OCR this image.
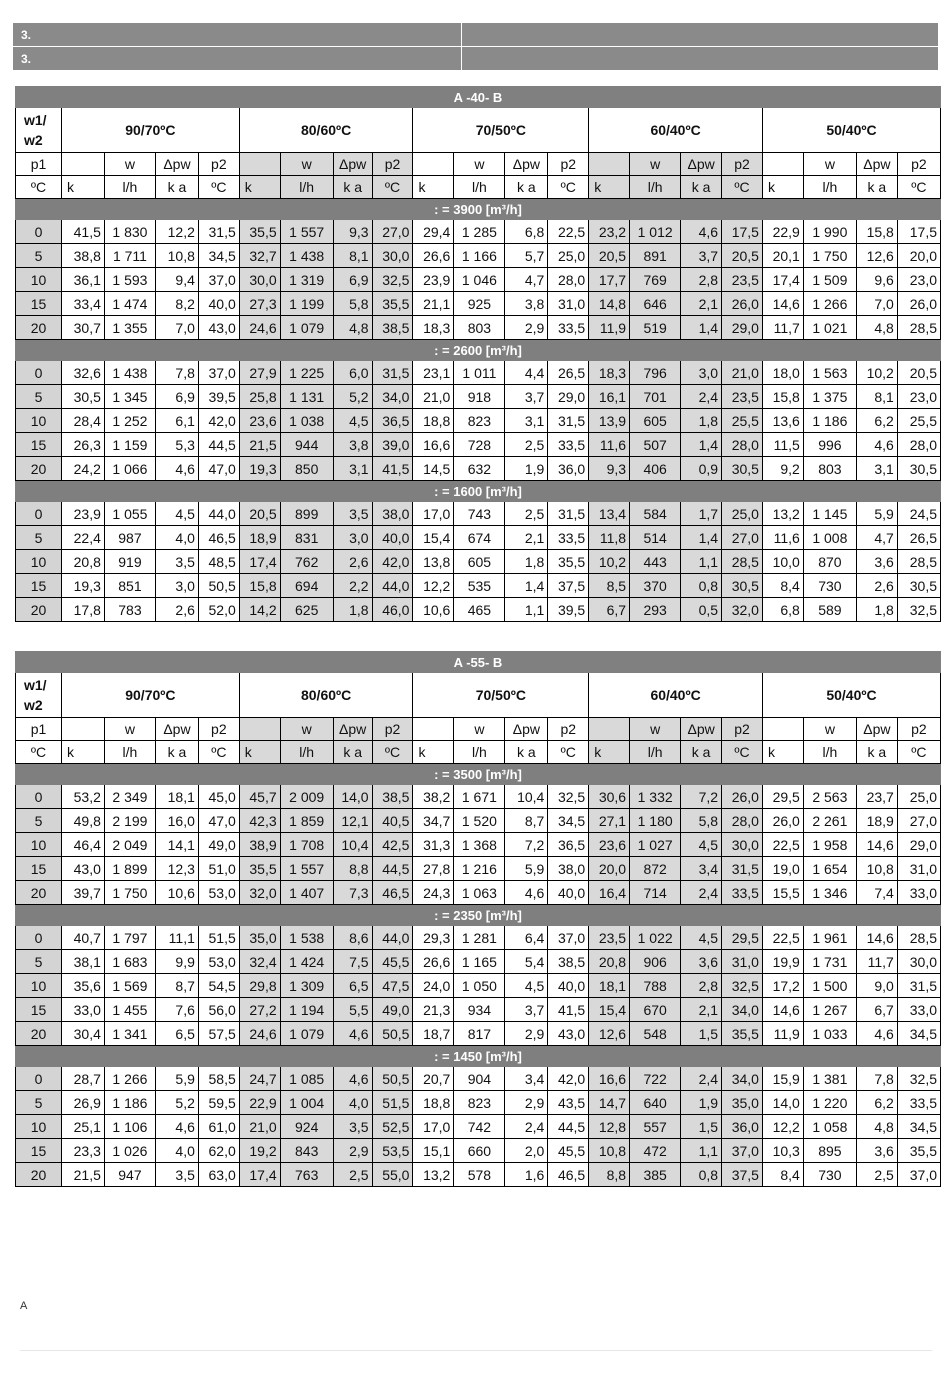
3.	
3.	
A -40- B																				
w1/
w2	90/70ºC				80/60ºC				70/50ºC				60/40ºC				50/40ºC			
p1		w	Δpw	p2		w	Δpw	p2		w	Δpw	p2		w	Δpw	p2		w	Δpw	p2
ºC	k	l/h	k a	ºC	k	l/h	k a	ºC	k	l/h	k a	ºC	k	l/h	k a	ºC	k	l/h	k a	ºC
: = 3900 [m³/h]																				
0	41,5	1 830	12,2	31,5	35,5	1 557	9,3	27,0	29,4	1 285	6,8	22,5	23,2	1 012	4,6	17,5	22,9	1 990	15,8	17,5
5	38,8	1 711	10,8	34,5	32,7	1 438	8,1	30,0	26,6	1 166	5,7	25,0	20,5	891	3,7	20,5	20,1	1 750	12,6	20,0
10	36,1	1 593	9,4	37,0	30,0	1 319	6,9	32,5	23,9	1 046	4,7	28,0	17,7	769	2,8	23,5	17,4	1 509	9,6	23,0
15	33,4	1 474	8,2	40,0	27,3	1 199	5,8	35,5	21,1	925	3,8	31,0	14,8	646	2,1	26,0	14,6	1 266	7,0	26,0
20	30,7	1 355	7,0	43,0	24,6	1 079	4,8	38,5	18,3	803	2,9	33,5	11,9	519	1,4	29,0	11,7	1 021	4,8	28,5
: = 2600 [m³/h]																				
0	32,6	1 438	7,8	37,0	27,9	1 225	6,0	31,5	23,1	1 011	4,4	26,5	18,3	796	3,0	21,0	18,0	1 563	10,2	20,5
5	30,5	1 345	6,9	39,5	25,8	1 131	5,2	34,0	21,0	918	3,7	29,0	16,1	701	2,4	23,5	15,8	1 375	8,1	23,0
10	28,4	1 252	6,1	42,0	23,6	1 038	4,5	36,5	18,8	823	3,1	31,5	13,9	605	1,8	25,5	13,6	1 186	6,2	25,5
15	26,3	1 159	5,3	44,5	21,5	944	3,8	39,0	16,6	728	2,5	33,5	11,6	507	1,4	28,0	11,5	996	4,6	28,0
20	24,2	1 066	4,6	47,0	19,3	850	3,1	41,5	14,5	632	1,9	36,0	9,3	406	0,9	30,5	9,2	803	3,1	30,5
: = 1600 [m³/h]																				
0	23,9	1 055	4,5	44,0	20,5	899	3,5	38,0	17,0	743	2,5	31,5	13,4	584	1,7	25,0	13,2	1 145	5,9	24,5
5	22,4	987	4,0	46,5	18,9	831	3,0	40,0	15,4	674	2,1	33,5	11,8	514	1,4	27,0	11,6	1 008	4,7	26,5
10	20,8	919	3,5	48,5	17,4	762	2,6	42,0	13,8	605	1,8	35,5	10,2	443	1,1	28,5	10,0	870	3,6	28,5
15	19,3	851	3,0	50,5	15,8	694	2,2	44,0	12,2	535	1,4	37,5	8,5	370	0,8	30,5	8,4	730	2,6	30,5
20	17,8	783	2,6	52,0	14,2	625	1,8	46,0	10,6	465	1,1	39,5	6,7	293	0,5	32,0	6,8	589	1,8	32,5
A -55- B																				
w1/
w2	90/70ºC				80/60ºC				70/50ºC				60/40ºC				50/40ºC			
p1		w	Δpw	p2		w	Δpw	p2		w	Δpw	p2		w	Δpw	p2		w	Δpw	p2
ºC	k	l/h	k a	ºC	k	l/h	k a	ºC	k	l/h	k a	ºC	k	l/h	k a	ºC	k	l/h	k a	ºC
: = 3500 [m³/h]																				
0	53,2	2 349	18,1	45,0	45,7	2 009	14,0	38,5	38,2	1 671	10,4	32,5	30,6	1 332	7,2	26,0	29,5	2 563	23,7	25,0
5	49,8	2 199	16,0	47,0	42,3	1 859	12,1	40,5	34,7	1 520	8,7	34,5	27,1	1 180	5,8	28,0	26,0	2 261	18,9	27,0
10	46,4	2 049	14,1	49,0	38,9	1 708	10,4	42,5	31,3	1 368	7,2	36,5	23,6	1 027	4,5	30,0	22,5	1 958	14,6	29,0
15	43,0	1 899	12,3	51,0	35,5	1 557	8,8	44,5	27,8	1 216	5,9	38,0	20,0	872	3,4	31,5	19,0	1 654	10,8	31,0
20	39,7	1 750	10,6	53,0	32,0	1 407	7,3	46,5	24,3	1 063	4,6	40,0	16,4	714	2,4	33,5	15,5	1 346	7,4	33,0
: = 2350 [m³/h]																				
0	40,7	1 797	11,1	51,5	35,0	1 538	8,6	44,0	29,3	1 281	6,4	37,0	23,5	1 022	4,5	29,5	22,5	1 961	14,6	28,5
5	38,1	1 683	9,9	53,0	32,4	1 424	7,5	45,5	26,6	1 165	5,4	38,5	20,8	906	3,6	31,0	19,9	1 731	11,7	30,0
10	35,6	1 569	8,7	54,5	29,8	1 309	6,5	47,5	24,0	1 050	4,5	40,0	18,1	788	2,8	32,5	17,2	1 500	9,0	31,5
15	33,0	1 455	7,6	56,0	27,2	1 194	5,5	49,0	21,3	934	3,7	41,5	15,4	670	2,1	34,0	14,6	1 267	6,7	33,0
20	30,4	1 341	6,5	57,5	24,6	1 079	4,6	50,5	18,7	817	2,9	43,0	12,6	548	1,5	35,5	11,9	1 033	4,6	34,5
: = 1450 [m³/h]																				
0	28,7	1 266	5,9	58,5	24,7	1 085	4,6	50,5	20,7	904	3,4	42,0	16,6	722	2,4	34,0	15,9	1 381	7,8	32,5
5	26,9	1 186	5,2	59,5	22,9	1 004	4,0	51,5	18,8	823	2,9	43,5	14,7	640	1,9	35,0	14,0	1 220	6,2	33,5
10	25,1	1 106	4,6	61,0	21,0	924	3,5	52,5	17,0	742	2,4	44,5	12,8	557	1,5	36,0	12,2	1 058	4,8	34,5
15	23,3	1 026	4,0	62,0	19,2	843	2,9	53,5	15,1	660	2,0	45,5	10,8	472	1,1	37,0	10,3	895	3,6	35,5
20	21,5	947	3,5	63,0	17,4	763	2,5	55,0	13,2	578	1,6	46,5	8,8	385	0,8	37,5	8,4	730	2,5	37,0
A
